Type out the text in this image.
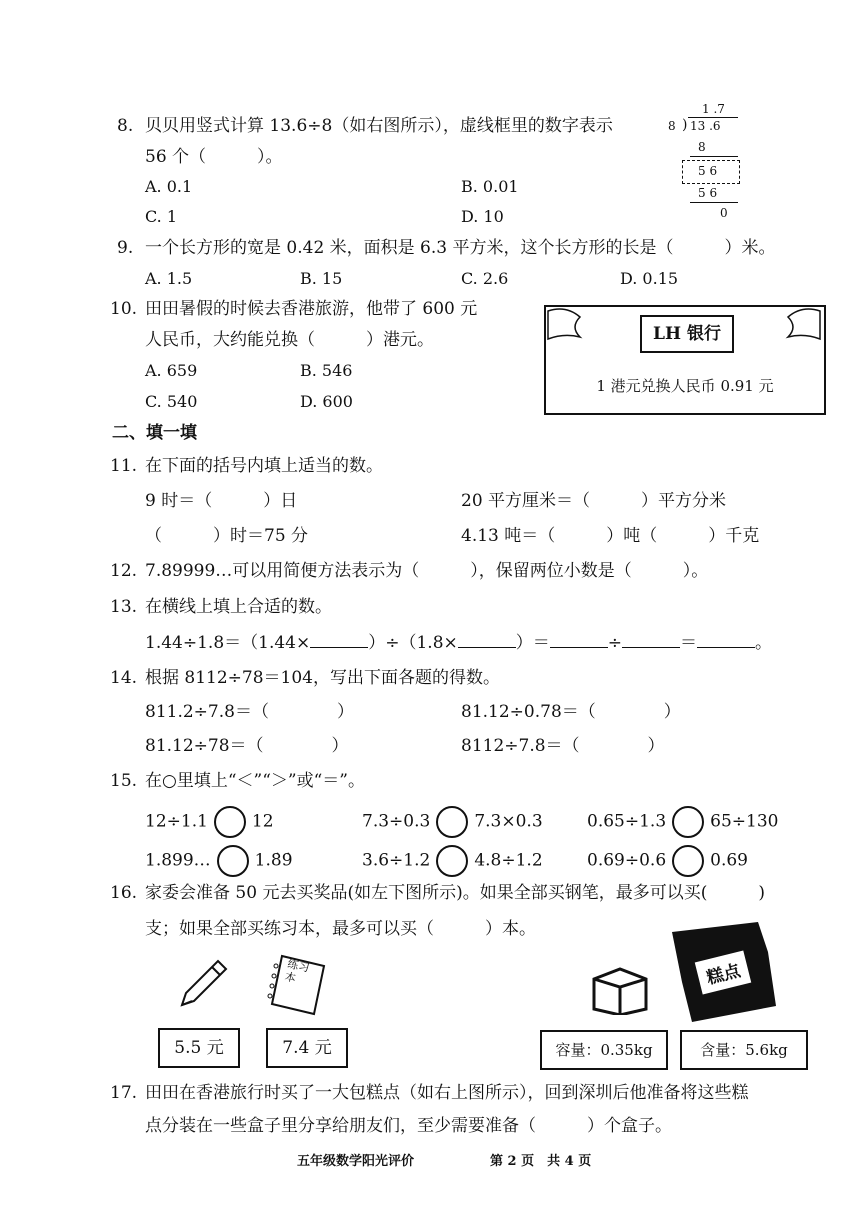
8. 贝贝用竖式计算 13.6÷8（如右图所示），虚线框里的数字表示
56 个（　　　）。
A. 0.1	B. 0.01
C. 1	D. 10
1 .7
8 ) 13 .6
8
5 6
5 6
0
9. 一个长方形的宽是 0.42 米，面积是 6.3 平方米，这个长方形的长是（　　　）米。
A. 1.5	B. 15	C. 2.6	D. 0.15
10. 田田暑假的时候去香港旅游，他带了 600 元
人民币，大约能兑换（　　　）港元。
A. 659	B. 546
C. 540	D. 600
LH 银行
1 港元兑换人民币 0.91 元
二、填一填
11. 在下面的括号内填上适当的数。
9 时＝（　　　）日	20 平方厘米＝（　　　）平方分米
（　　　）时＝75 分	4.13 吨＝（　　　）吨（　　　）千克
12. 7.89999…可以用简便方法表示为（　　　），保留两位小数是（　　　）。
13. 在横线上填上合适的数。
1.44÷1.8＝（1.44×	）÷（1.8×	）＝	÷	＝	。
14. 根据 8112÷78＝104，写出下面各题的得数。
811.2÷7.8＝（　　　　）	81.12÷0.78＝（　　　　）
81.12÷78＝（　　　　）	8112÷7.8＝（　　　　）
15. 在○里填上“＜”“＞”或“＝”。
12÷1.1	12	7.3÷0.3	7.3×0.3	0.65÷1.3	65÷130
1.899…	1.8̇9̇	3.6÷1.2	4.8÷1.2	0.69÷0.6	0.69
16. 家委会准备 50 元去买奖品(如左下图所示)。如果全部买钢笔，最多可以买(　　　)
支；如果全部买练习本，最多可以买（　　　）本。
练习本
5.5 元	7.4 元
糕点
容量：0.35kg	含量：5.6kg
17. 田田在香港旅行时买了一大包糕点（如右上图所示），回到深圳后他准备将这些糕
点分装在一些盒子里分享给朋友们，至少需要准备（　　　）个盒子。
五年级数学阳光评价	第 2 页　共 4 页
